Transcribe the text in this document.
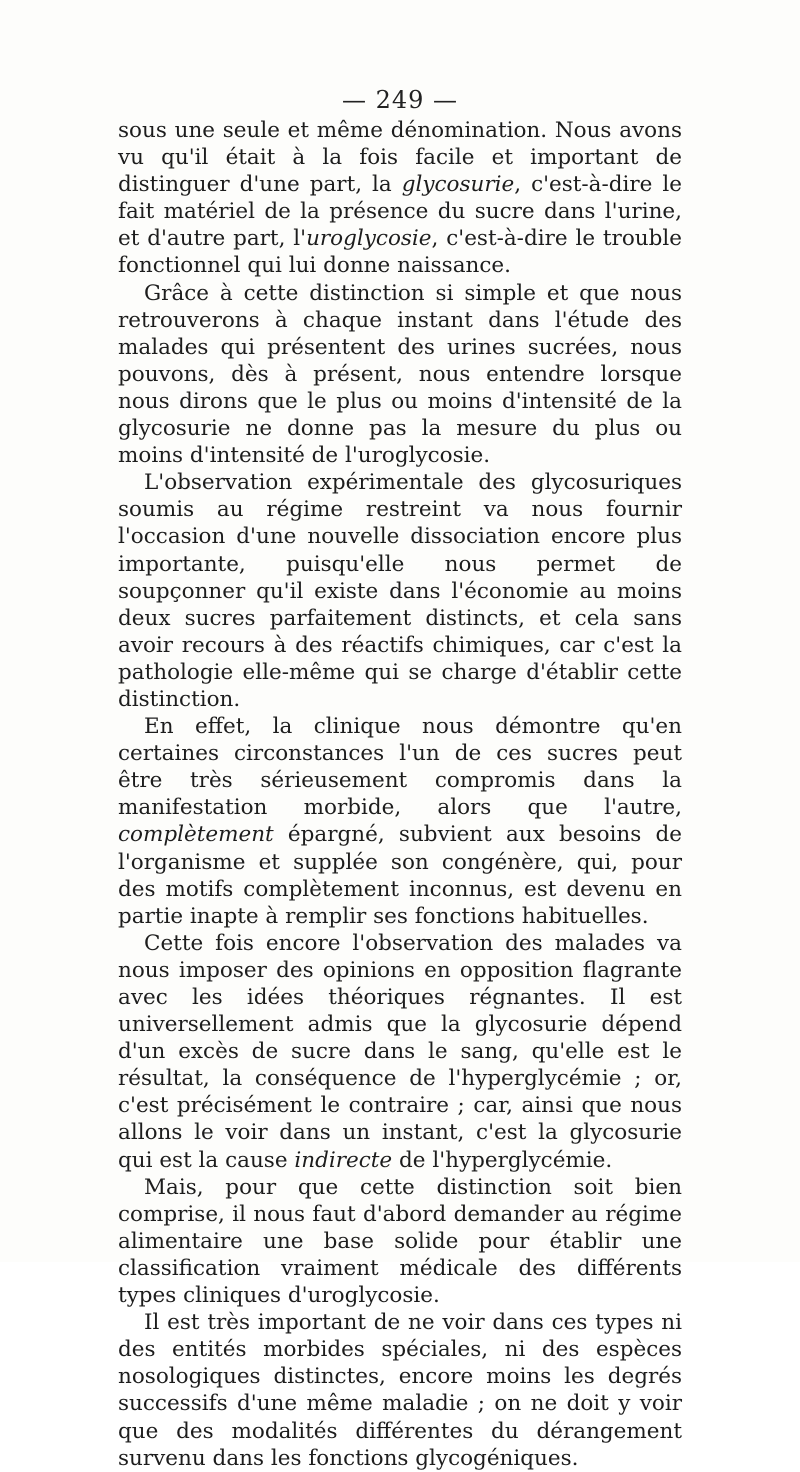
— 249 —

sous une seule et même dénomination. Nous avons vu qu'il était à la fois facile et important de distinguer d'une part, la glycosurie, c'est-à-dire le fait matériel de la présence du sucre dans l'urine, et d'autre part, l'uroglycosie, c'est-à-dire le trouble fonctionnel qui lui donne naissance.

Grâce à cette distinction si simple et que nous retrouverons à chaque instant dans l'étude des malades qui présentent des urines sucrées, nous pouvons, dès à présent, nous entendre lorsque nous dirons que le plus ou moins d'intensité de la glycosurie ne donne pas la mesure du plus ou moins d'intensité de l'uroglycosie.

L'observation expérimentale des glycosuriques soumis au régime restreint va nous fournir l'occasion d'une nouvelle dissociation encore plus importante, puisqu'elle nous permet de soupçonner qu'il existe dans l'économie au moins deux sucres parfaitement distincts, et cela sans avoir recours à des réactifs chimiques, car c'est la pathologie elle-même qui se charge d'établir cette distinction.

En effet, la clinique nous démontre qu'en certaines circonstances l'un de ces sucres peut être très sérieusement compromis dans la manifestation morbide, alors que l'autre, complètement épargné, subvient aux besoins de l'organisme et supplée son congénère, qui, pour des motifs complètement inconnus, est devenu en partie inapte à remplir ses fonctions habituelles.

Cette fois encore l'observation des malades va nous imposer des opinions en opposition flagrante avec les idées théoriques régnantes. Il est universellement admis que la glycosurie dépend d'un excès de sucre dans le sang, qu'elle est le résultat, la conséquence de l'hyperglycémie ; or, c'est précisément le contraire ; car, ainsi que nous allons le voir dans un instant, c'est la glycosurie qui est la cause indirecte de l'hyperglycémie.

Mais, pour que cette distinction soit bien comprise, il nous faut d'abord demander au régime alimentaire une base solide pour établir une classification vraiment médicale des différents types cliniques d'uroglycosie.

Il est très important de ne voir dans ces types ni des entités morbides spéciales, ni des espèces nosologiques distinctes, encore moins les degrés successifs d'une même maladie ; on ne doit y voir que des modalités différentes du dérangement survenu dans les fonctions glycogéniques.
